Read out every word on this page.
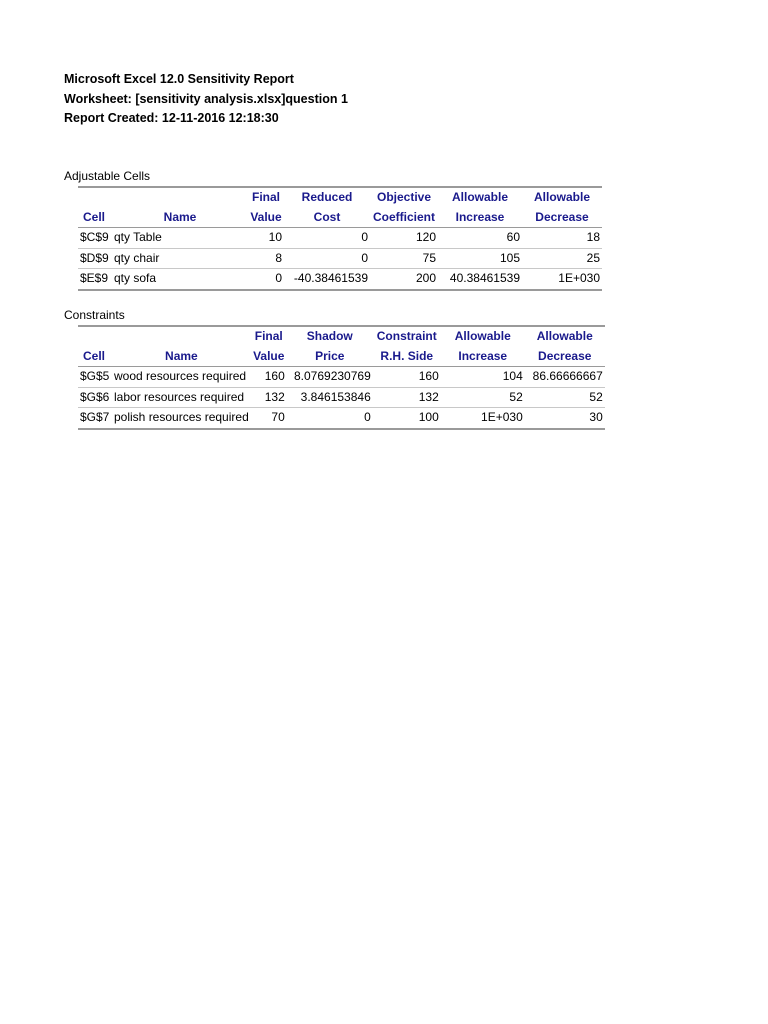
Microsoft Excel 12.0 Sensitivity Report
Worksheet: [sensitivity analysis.xlsx]question 1
Report Created: 12-11-2016 12:18:30
Adjustable Cells
		Final	Reduced	Objective	Allowable	Allowable
Cell	Name	Value	Cost	Coefficient	Increase	Decrease
$C$9	qty Table	10	0	120	60	18
$D$9	qty chair	8	0	75	105	25
$E$9	qty sofa	0	-40.38461539	200	40.38461539	1E+030
Constraints
		Final	Shadow	Constraint	Allowable	Allowable
Cell	Name	Value	Price	R.H. Side	Increase	Decrease
$G$5	wood resources required	160	8.0769230769	160	104	86.66666667
$G$6	labor resources required	132	3.846153846	132	52	52
$G$7	polish resources required	70	0	100	1E+030	30
